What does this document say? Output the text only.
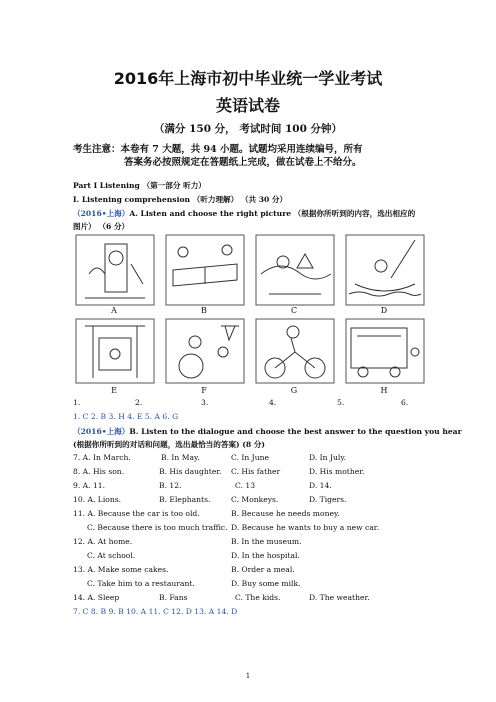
2016年上海市初中毕业统一学业考试
英语试卷
（满分 150 分， 考试时间 100 分钟）
考生注意：本卷有 7 大题，共 94 小题。试题均采用连续编号，所有
答案务必按照规定在答题纸上完成，做在试卷上不给分。
Part I Listening （第一部分 听力）
I. Listening comprehension （听力理解） （共 30 分）
（2016•上海）A. Listen and choose the right picture （根据你所听到的内容，选出相应的
图片） （6 分）
A	B	C	D
E	F	G	H
1.	2.	3.	4.	5.	6.
1. C 2. B 3. H 4. E 5. A 6. G
（2016•上海）B. Listen to the dialogue and choose the best answer to the question you hear
(根据你所听到的对话和问题，选出最恰当的答案) (8 分)
7. A. In March.	B. In May.	C. In June	D. In July.
8. A. His son.	B. His daughter. C. His father	D. His mother.
9. A. 11.	B. 12.	C. 13	D. 14.
10. A. Lions.	B. Elephants.	C. Monkeys.	D. Tigers.
11. A. Because the car is too old.	B. Because he needs money.
C. Because there is too much traffic. D. Because he wants to buy a new car.
12. A. At home.	B. In the museum.
C. At school.	D. In the hospital.
13. A. Make some cakes.	B. Order a meal.
C. Take him to a restaurant.	D. Buy some milk.
14. A. Sleep	B. Fans	C. The kids.	D. The weather.
7. C 8. B 9. B 10. A 11. C 12. D 13. A 14. D
1
